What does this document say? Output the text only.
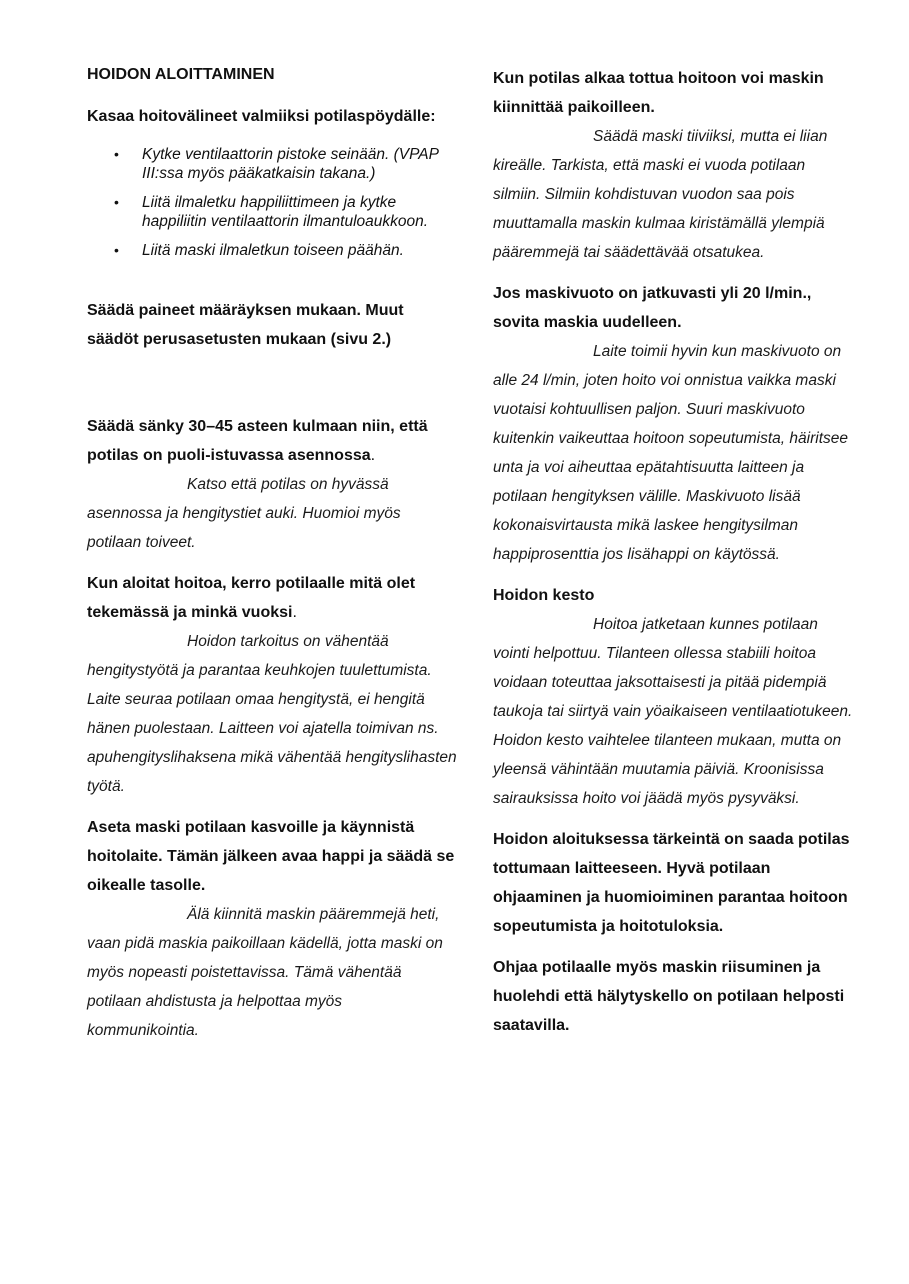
HOIDON ALOITTAMINEN

Kasaa hoitovälineet valmiiksi potilaspöydälle:

• Kytke ventilaattorin pistoke seinään. (VPAP III:ssa myös pääkatkaisin takana.)
• Liitä ilmaletku happiliittimeen ja kytke happiliitin ventilaattorin ilmantuloaukkoon.
• Liitä maski ilmaletkun toiseen päähän.

Säädä paineet määräyksen mukaan. Muut säädöt perusasetusten mukaan (sivu 2.)

Säädä sänky 30–45 asteen kulmaan niin, että potilas on puoli-istuvassa asennossa.

Katso että potilas on hyvässä asennossa ja hengitystiet auki. Huomioi myös potilaan toiveet.

Kun aloitat hoitoa, kerro potilaalle mitä olet tekemässä ja minkä vuoksi.

Hoidon tarkoitus on vähentää hengitystyötä ja parantaa keuhkojen tuulettumista. Laite seuraa potilaan omaa hengitystä, ei hengitä hänen puolestaan. Laitteen voi ajatella toimivan ns. apuhengityslihaksena mikä vähentää hengityslihasten työtä.

Aseta maski potilaan kasvoille ja käynnistä hoitolaite. Tämän jälkeen avaa happi ja säädä se oikealle tasolle.

Älä kiinnitä maskin pääremmejä heti, vaan pidä maskia paikoillaan kädellä, jotta maski on myös nopeasti poistettavissa. Tämä vähentää potilaan ahdistusta ja helpottaa myös kommunikointia.

Kun potilas alkaa tottua hoitoon voi maskin kiinnittää paikoilleen.

Säädä maski tiiviiksi, mutta ei liian kireälle. Tarkista, että maski ei vuoda potilaan silmiin. Silmiin kohdistuvan vuodon saa pois muuttamalla maskin kulmaa kiristämällä ylempiä pääremmejä tai säädettävää otsatukea.

Jos maskivuoto on jatkuvasti yli 20 l/min., sovita maskia uudelleen.

Laite toimii hyvin kun maskivuoto on alle 24 l/min, joten hoito voi onnistua vaikka maski vuotaisi kohtuullisen paljon. Suuri maskivuoto kuitenkin vaikeuttaa hoitoon sopeutumista, häiritsee unta ja voi aiheuttaa epätahtisuutta laitteen ja potilaan hengityksen välille. Maskivuoto lisää kokonaisvirtausta mikä laskee hengitysilman happiprosenttia jos lisähappi on käytössä.

Hoidon kesto

Hoitoa jatketaan kunnes potilaan vointi helpottuu. Tilanteen ollessa stabiili hoitoa voidaan toteuttaa jaksottaisesti ja pitää pidempiä taukoja tai siirtyä vain yöaikaiseen ventilaatiotukeen. Hoidon kesto vaihtelee tilanteen mukaan, mutta on yleensä vähintään muutamia päiviä. Kroonisissa sairauksissa hoito voi jäädä myös pysyväksi.

Hoidon aloituksessa tärkeintä on saada potilas tottumaan laitteeseen. Hyvä potilaan ohjaaminen ja huomioiminen parantaa hoitoon sopeutumista ja hoitotuloksia.

Ohjaa potilaalle myös maskin riisuminen ja huolehdi että hälytyskello on potilaan helposti saatavilla.
